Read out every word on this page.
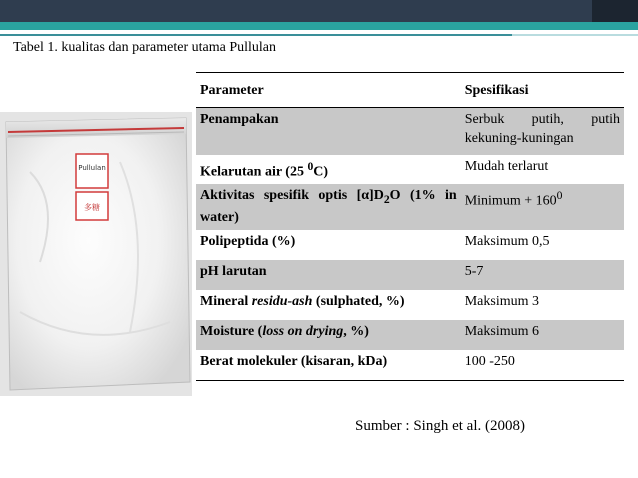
Tabel 1. kualitas dan parameter utama Pullulan
Pullulan
多糖
Parameter	Spesifikasi
Penampakan	Serbuk putih, putih kekuning-kuningan
Kelarutan air (25 $^0$C)	Mudah terlarut
Aktivitas spesifik optis $[\alpha]D_2O$ (1% in water)	Minimum + $160^0$
Polipeptida (%)	Maksimum 0,5
pH larutan	5-7
Mineral residu-ash (sulphated, %)	Maksimum 3
Moisture (loss on drying, %)	Maksimum 6
Berat molekuler (kisaran, kDa)	100 -250
Sumber : Singh et al. (2008)
